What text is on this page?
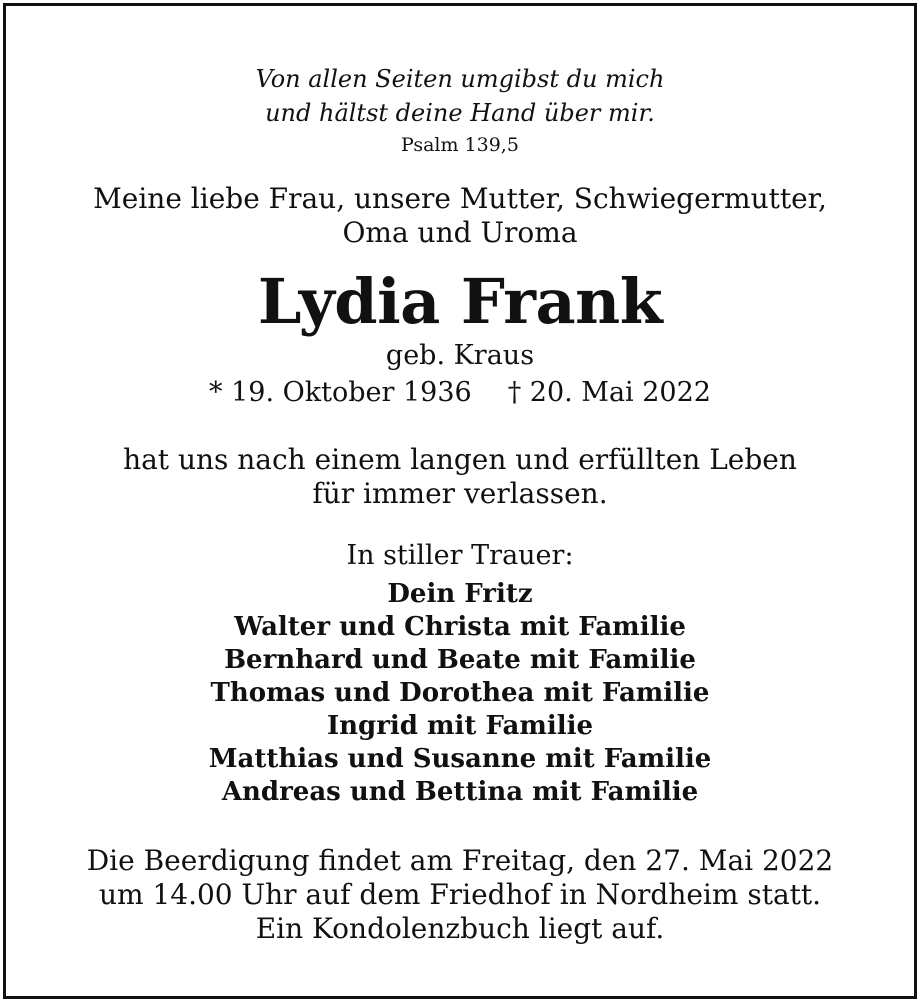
Von allen Seiten umgibst du mich
und hältst deine Hand über mir.
Psalm 139,5
Meine liebe Frau, unsere Mutter, Schwiegermutter,
Oma und Uroma
Lydia Frank
geb. Kraus
* 19. Oktober 1936 † 20. Mai 2022
hat uns nach einem langen und erfüllten Leben
für immer verlassen.
In stiller Trauer:
Dein Fritz
Walter und Christa mit Familie
Bernhard und Beate mit Familie
Thomas und Dorothea mit Familie
Ingrid mit Familie
Matthias und Susanne mit Familie
Andreas und Bettina mit Familie
Die Beerdigung findet am Freitag, den 27. Mai 2022
um 14.00 Uhr auf dem Friedhof in Nordheim statt.
Ein Kondolenzbuch liegt auf.
